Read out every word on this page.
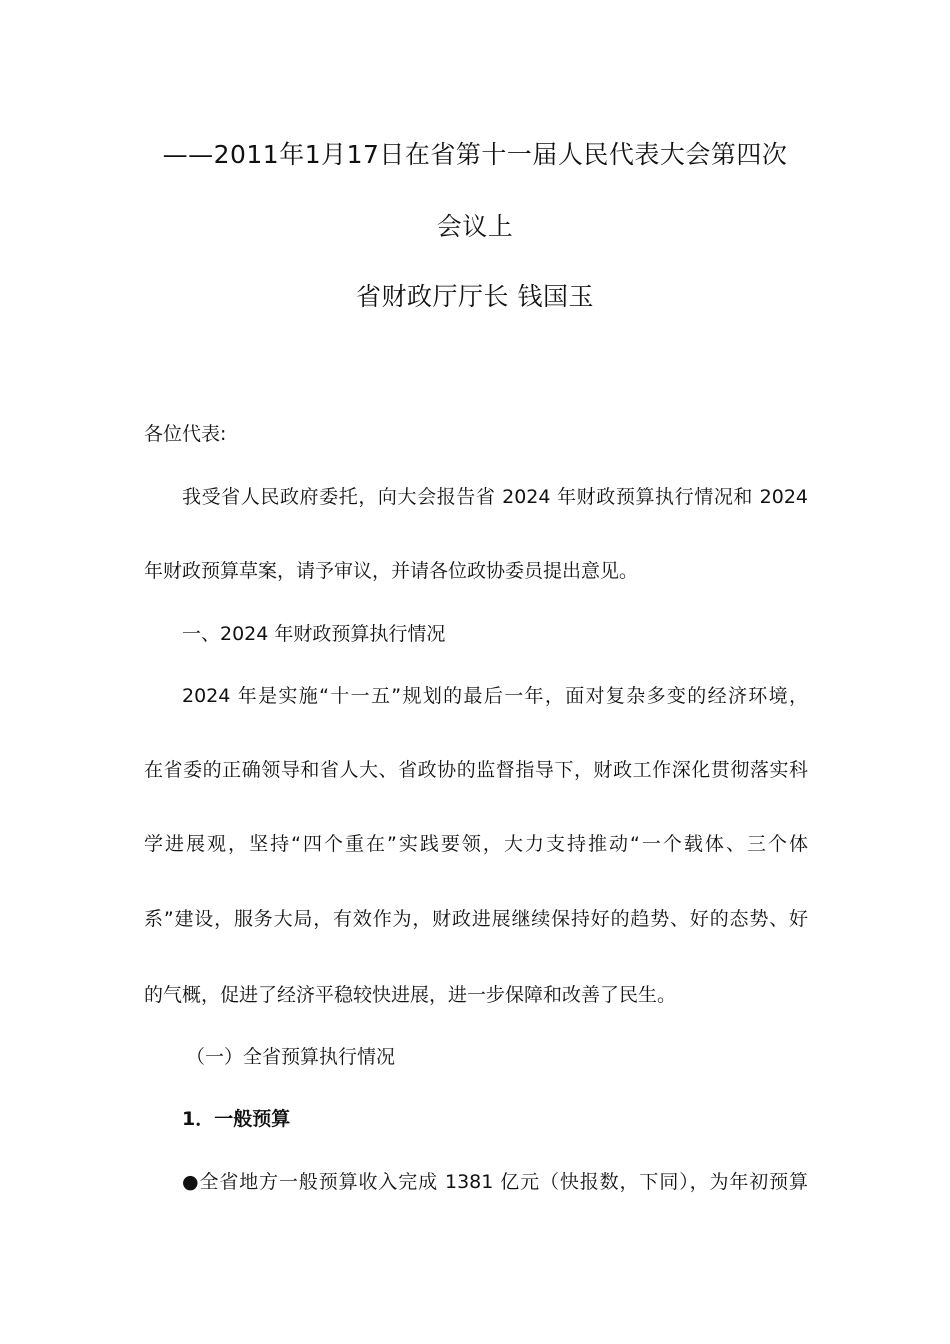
——2011年1月17日在省第十一届人民代表大会第四次
会议上
省财政厅厅长 钱国玉
各位代表:
我受省人民政府委托，向大会报告省 2024 年财政预算执行情况和 2024
年财政预算草案，请予审议，并请各位政协委员提出意见。
一、2024 年财政预算执行情况
2024 年是实施“十一五”规划的最后一年，面对复杂多变的经济环境，
在省委的正确领导和省人大、省政协的监督指导下，财政工作深化贯彻落实科
学进展观，坚持“四个重在”实践要领，大力支持推动“一个载体、三个体
系”建设，服务大局，有效作为，财政进展继续保持好的趋势、好的态势、好
的气概，促进了经济平稳较快进展，进一步保障和改善了民生。
（一）全省预算执行情况
1．一般预算
●全省地方一般预算收入完成 1381 亿元（快报数，下同），为年初预算
